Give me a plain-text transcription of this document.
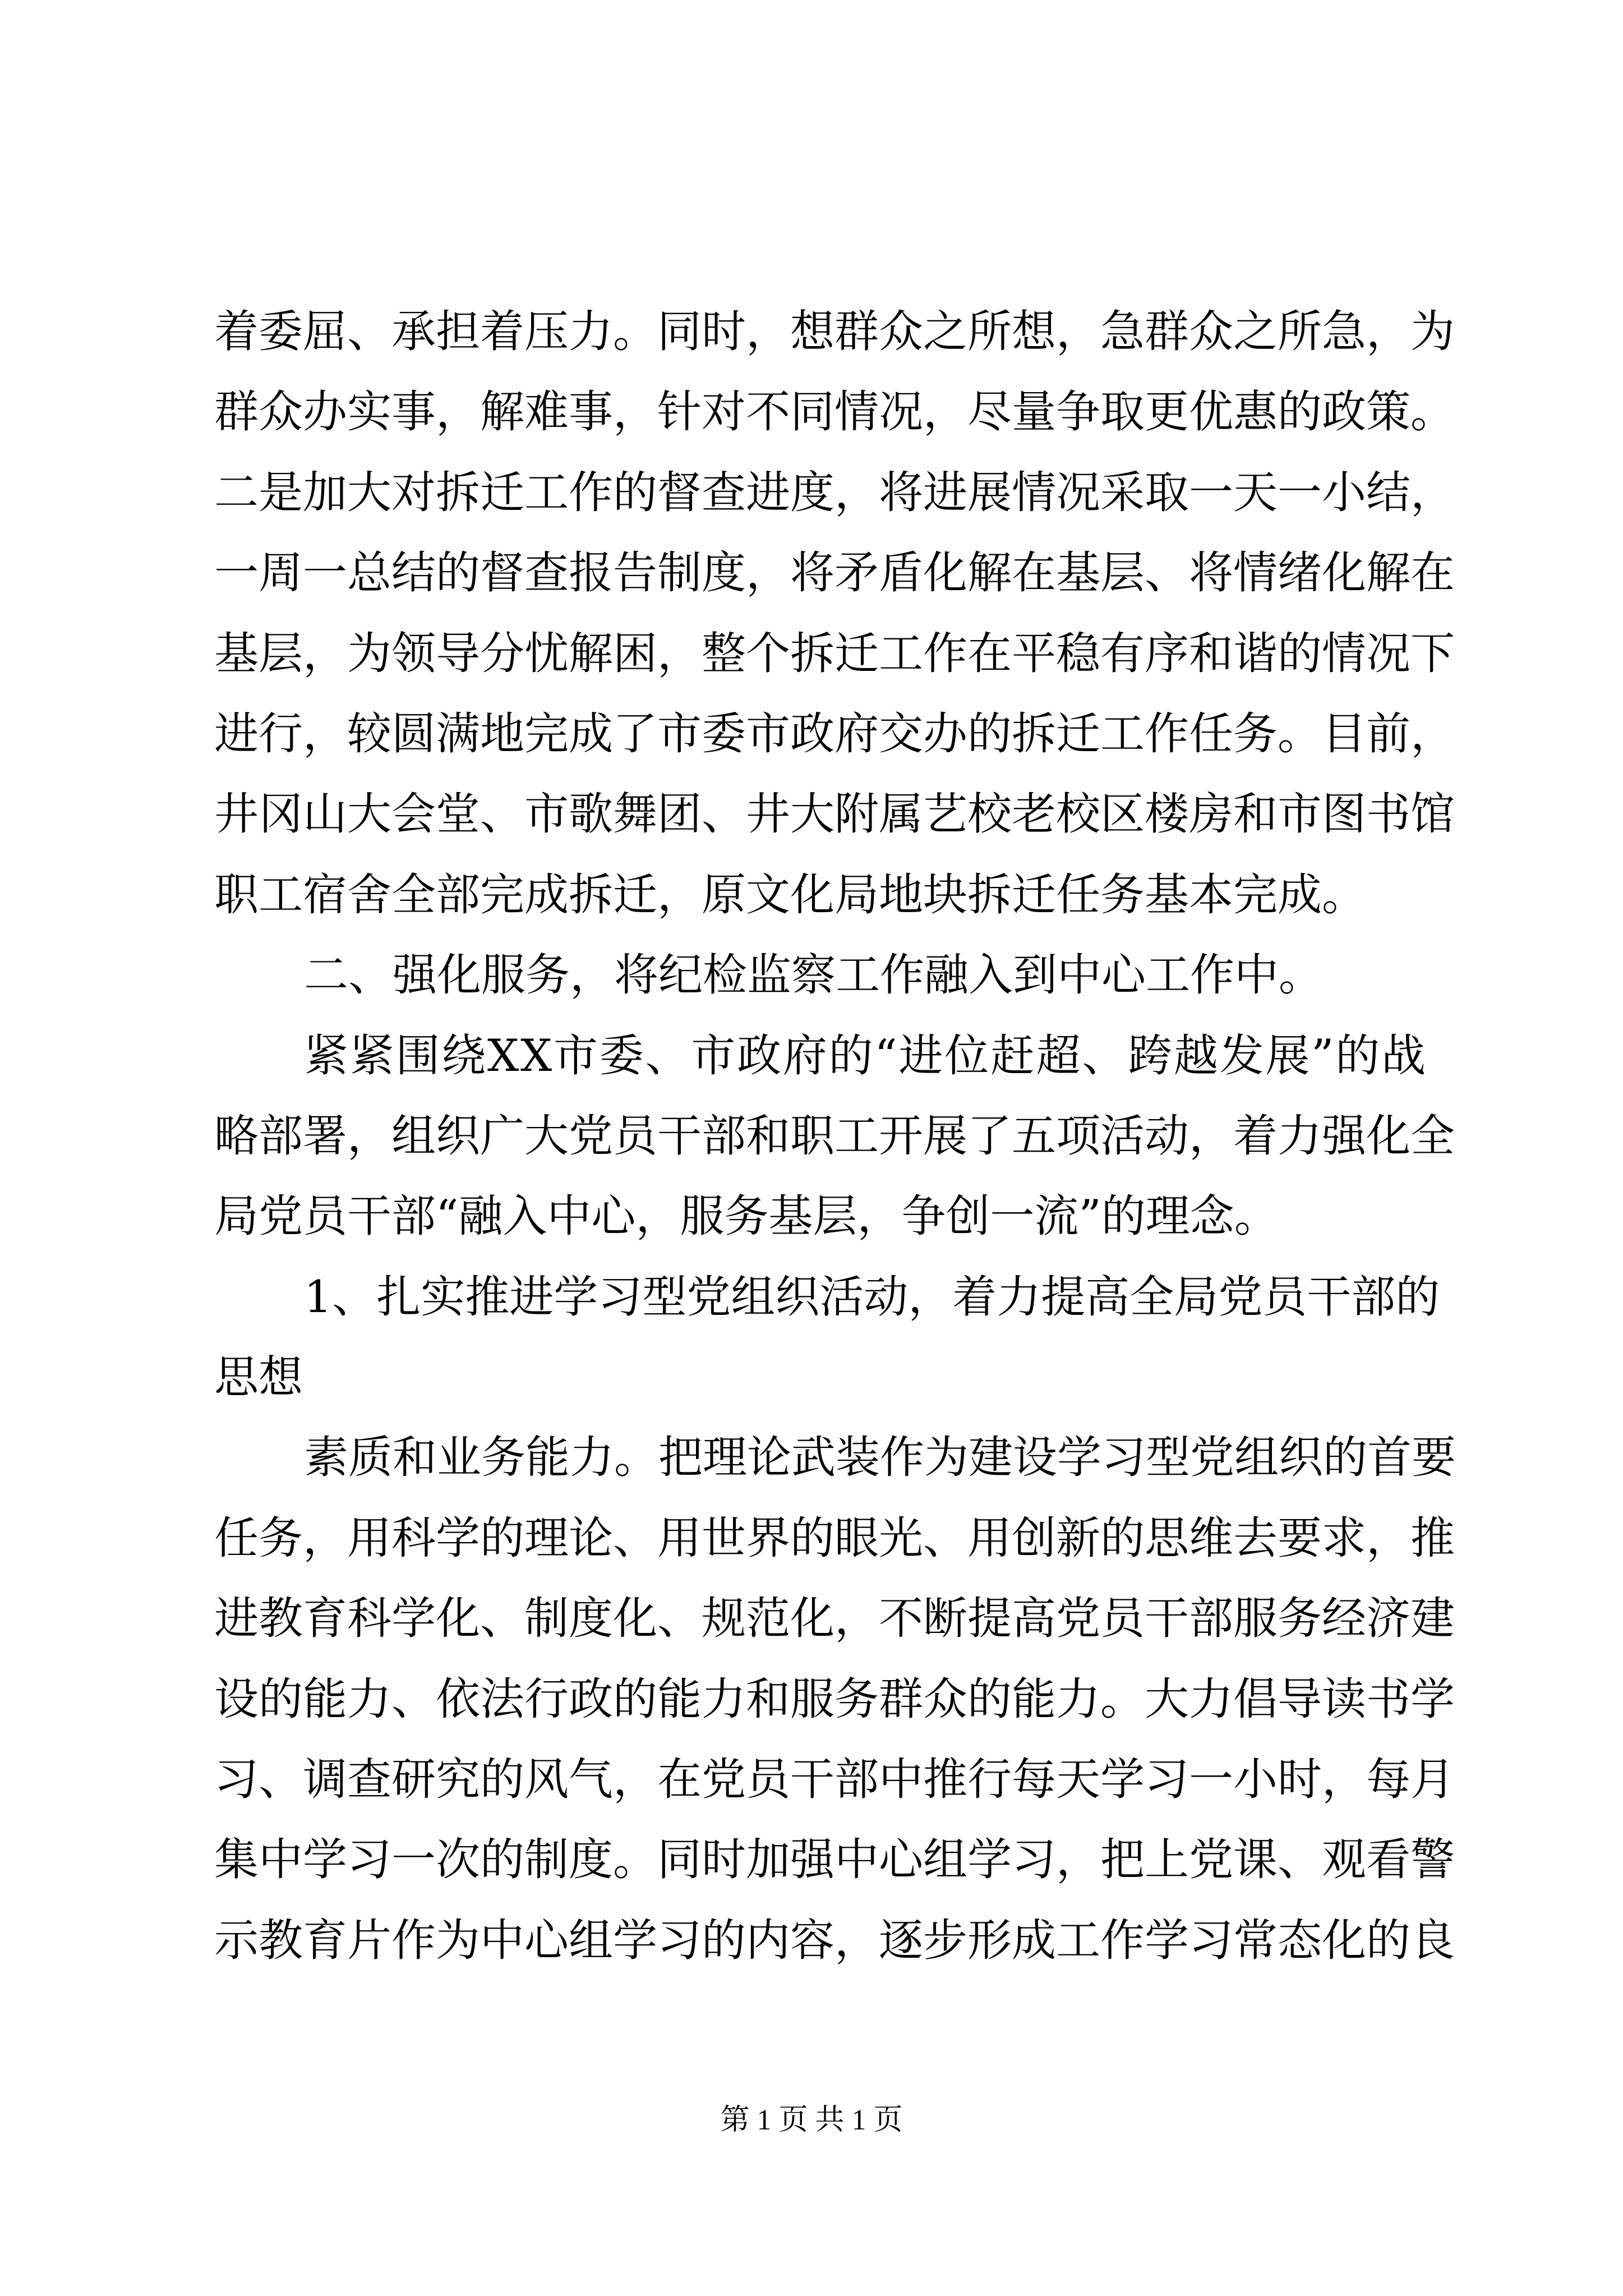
着委屈、承担着压力。同时，想群众之所想，急群众之所急，为
群众办实事，解难事，针对不同情况，尽量争取更优惠的政策。
二是加大对拆迁工作的督查进度，将进展情况采取一天一小结，
一周一总结的督查报告制度，将矛盾化解在基层、将情绪化解在
基层，为领导分忧解困，整个拆迁工作在平稳有序和谐的情况下
进行，较圆满地完成了市委市政府交办的拆迁工作任务。目前，
井冈山大会堂、市歌舞团、井大附属艺校老校区楼房和市图书馆
职工宿舍全部完成拆迁，原文化局地块拆迁任务基本完成。
二、强化服务，将纪检监察工作融入到中心工作中。
紧紧围绕XX市委、市政府的“进位赶超、跨越发展”的战
略部署，组织广大党员干部和职工开展了五项活动，着力强化全
局党员干部“融入中心，服务基层，争创一流”的理念。
1、扎实推进学习型党组织活动，着力提高全局党员干部的
思想
素质和业务能力。把理论武装作为建设学习型党组织的首要
任务，用科学的理论、用世界的眼光、用创新的思维去要求，推
进教育科学化、制度化、规范化，不断提高党员干部服务经济建
设的能力、依法行政的能力和服务群众的能力。大力倡导读书学
习、调查研究的风气，在党员干部中推行每天学习一小时，每月
集中学习一次的制度。同时加强中心组学习，把上党课、观看警
示教育片作为中心组学习的内容，逐步形成工作学习常态化的良
第 1 页 共 1 页
